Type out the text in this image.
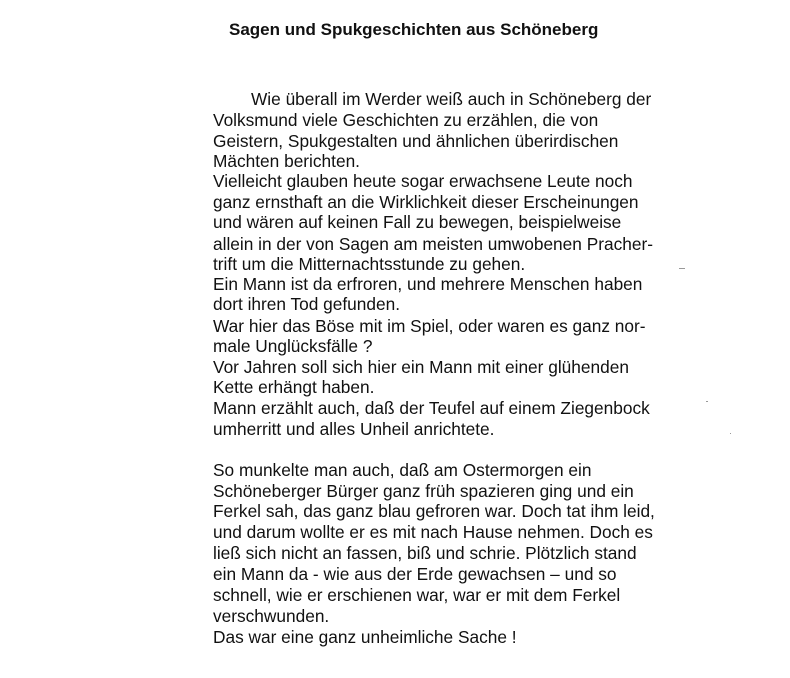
Sagen und Spukgeschichten aus Schöneberg
Wie überall im Werder weiß auch in Schöneberg der
Volksmund viele Geschichten zu erzählen, die von
Geistern, Spukgestalten und ähnlichen überirdischen
Mächten berichten.
Vielleicht glauben heute sogar erwachsene Leute noch
ganz ernsthaft an die Wirklichkeit dieser Erscheinungen
und wären auf keinen Fall zu bewegen, beispielweise
allein in der von Sagen am meisten umwobenen Pracher-
trift um die Mitternachtsstunde zu gehen.
Ein Mann ist da erfroren, und mehrere Menschen haben
dort ihren Tod gefunden.
War hier das Böse mit im Spiel, oder waren es ganz nor-
male Unglücksfälle ?
Vor Jahren soll sich hier ein Mann mit einer glühenden
Kette erhängt haben.
Mann erzählt auch, daß der Teufel auf einem Ziegenbock
umherritt und alles Unheil anrichtete.
So munkelte man auch, daß am Ostermorgen ein
Schöneberger Bürger ganz früh spazieren ging und ein
Ferkel sah, das ganz blau gefroren war. Doch tat ihm leid,
und darum wollte er es mit nach Hause nehmen. Doch es
ließ sich nicht an fassen, biß und schrie. Plötzlich stand
ein Mann da - wie aus der Erde gewachsen – und so
schnell, wie er erschienen war, war er mit dem Ferkel
verschwunden.
Das war eine ganz unheimliche Sache !
